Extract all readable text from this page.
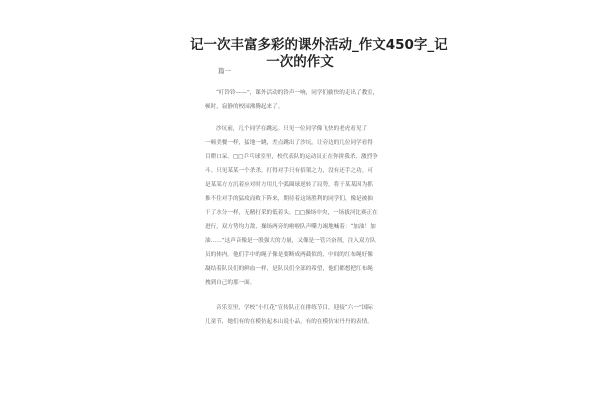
记一次丰富多彩的课外活动_作文450字_记
一次的作文
篇一
“叮铃铃——”，课外活动的铃声一响，同学们偷快的走出了教室，
顿时，寂静的校园沸腾起来了。
沙坑前，几个同学在跳远。只见一位同学像飞快的老虎看见了
一顿美餐一样，猛地一跳，差点跳出了沙坑。让旁边的几位同学看得
目瞪口呆。□□乒乓球室里，校代表队的运动员正在你拼我杀，激烈争
斗。只见某某一个杀杀，打得对手只有招架之力，没有还手之功。可
是某某方方沉着应对时方用几个弧圈球逆转了局势，将于某某因为抓
推不住对手的猛攻而败下阵来，期待着这场胜利的同学们，像是被抽
干了水分一样，无精打采的低着头。□□操场中央，一场拔河比赛正在
进行，双方势均力敌，操场两旁的啦啦队声嘶力竭地喊着：“加油！加
油……”这声音像是一股强大的力量，又像是一管兴奋剂，注入双方队
员的体内。他们手中的绳子像是要断成两截似的，中间的红布绳好像
凝结着队员们的鲜血一样，是队员们全部的希望，他们都想把红布绳
拽到自己的那一面。
音乐室里，学校“小红花”宣传队正在排练节目，迎接“六一”国际
儿童节，她们有的在模仿起本山说小品，有的在模仿宋丹丹的表情。
